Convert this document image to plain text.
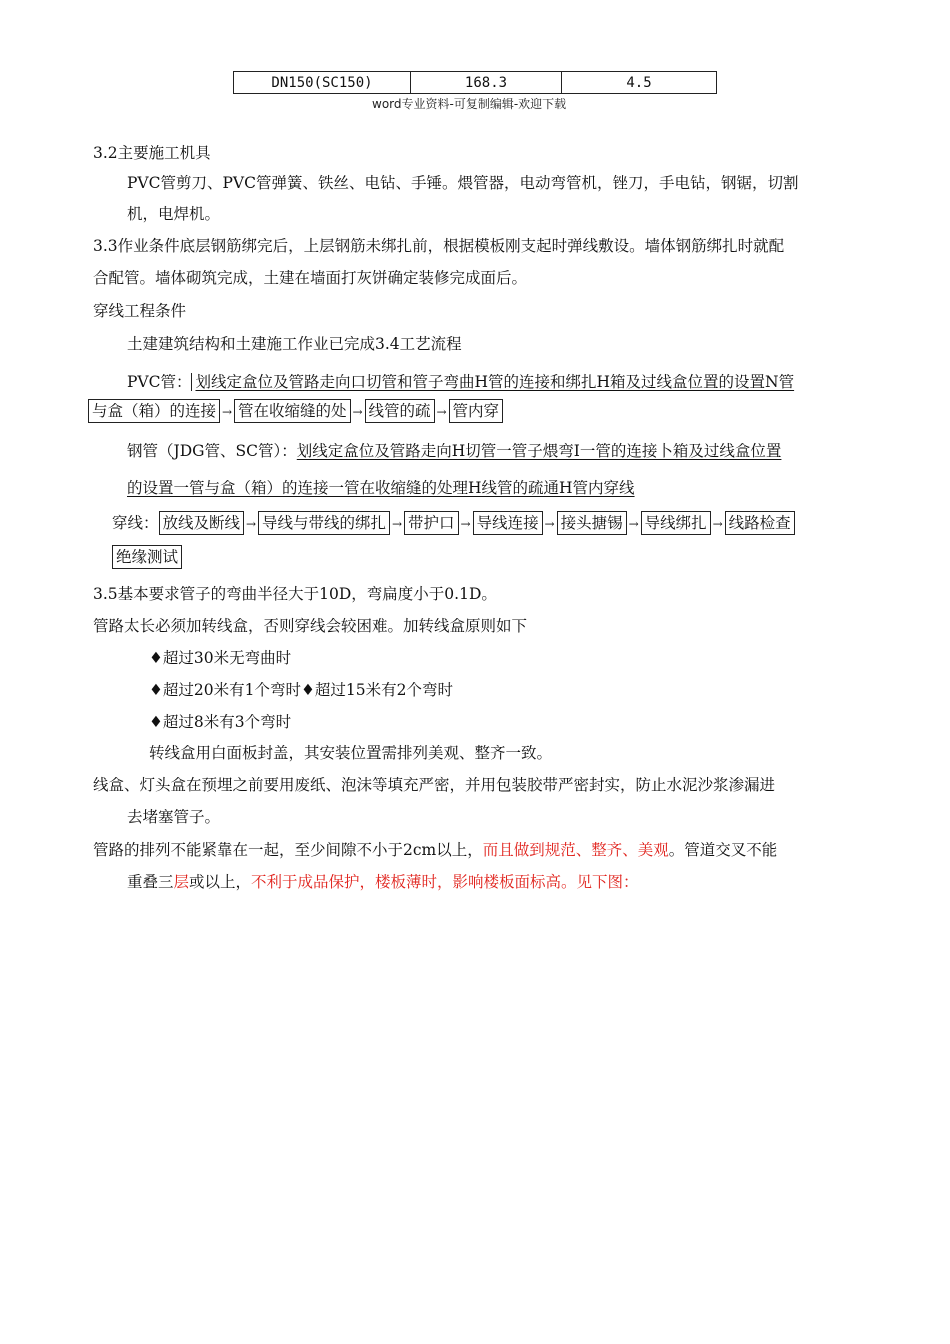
DN150(SC150)	168.3	4.5
word专业资料-可复制编辑-欢迎下载
3.2主要施工机具
PVC管剪刀、PVC管弹簧、铁丝、电钻、手锤。煨管器，电动弯管机，锉刀，手电钻，钢锯，切割
机，电焊机。
3.3作业条件底层钢筋绑完后，上层钢筋未绑扎前，根据模板刚支起时弹线敷设。墙体钢筋绑扎时就配
合配管。墙体砌筑完成，土建在墙面打灰饼确定装修完成面后。
穿线工程条件
土建建筑结构和土建施工作业已完成3.4工艺流程
PVC管： 划线定盒位及管路走向口切管和管子弯曲H管的连接和绑扎H箱及过线盒位置的设置N管
与盒（箱）的连接 → 管在收缩缝的处 → 线管的疏 → 管内穿
钢管（JDG管、SC管）：划线定盒位及管路走向H切管一管子煨弯I一管的连接卜箱及过线盒位置
的设置一管与盒（箱）的连接一管在收缩缝的处理H线管的疏通H管内穿线
穿线： 放线及断线 → 导线与带线的绑扎 → 带护口 → 导线连接 → 接头搪锡 → 导线绑扎 → 线路检查
绝缘测试
3.5基本要求管子的弯曲半径大于10D，弯扁度小于0.1D。
管路太长必须加转线盒，否则穿线会较困难。加转线盒原则如下
♦超过30米无弯曲时
♦超过20米有1个弯时♦超过15米有2个弯时
♦超过8米有3个弯时
转线盒用白面板封盖，其安装位置需排列美观、整齐一致。
线盒、灯头盒在预埋之前要用废纸、泡沫等填充严密，并用包装胶带严密封实，防止水泥沙浆渗漏进
去堵塞管子。
管路的排列不能紧靠在一起，至少间隙不小于2cm以上，而且做到规范、整齐、美观。管道交叉不能
重叠三层或以上，不利于成品保护，楼板薄时，影响楼板面标高。见下图：
